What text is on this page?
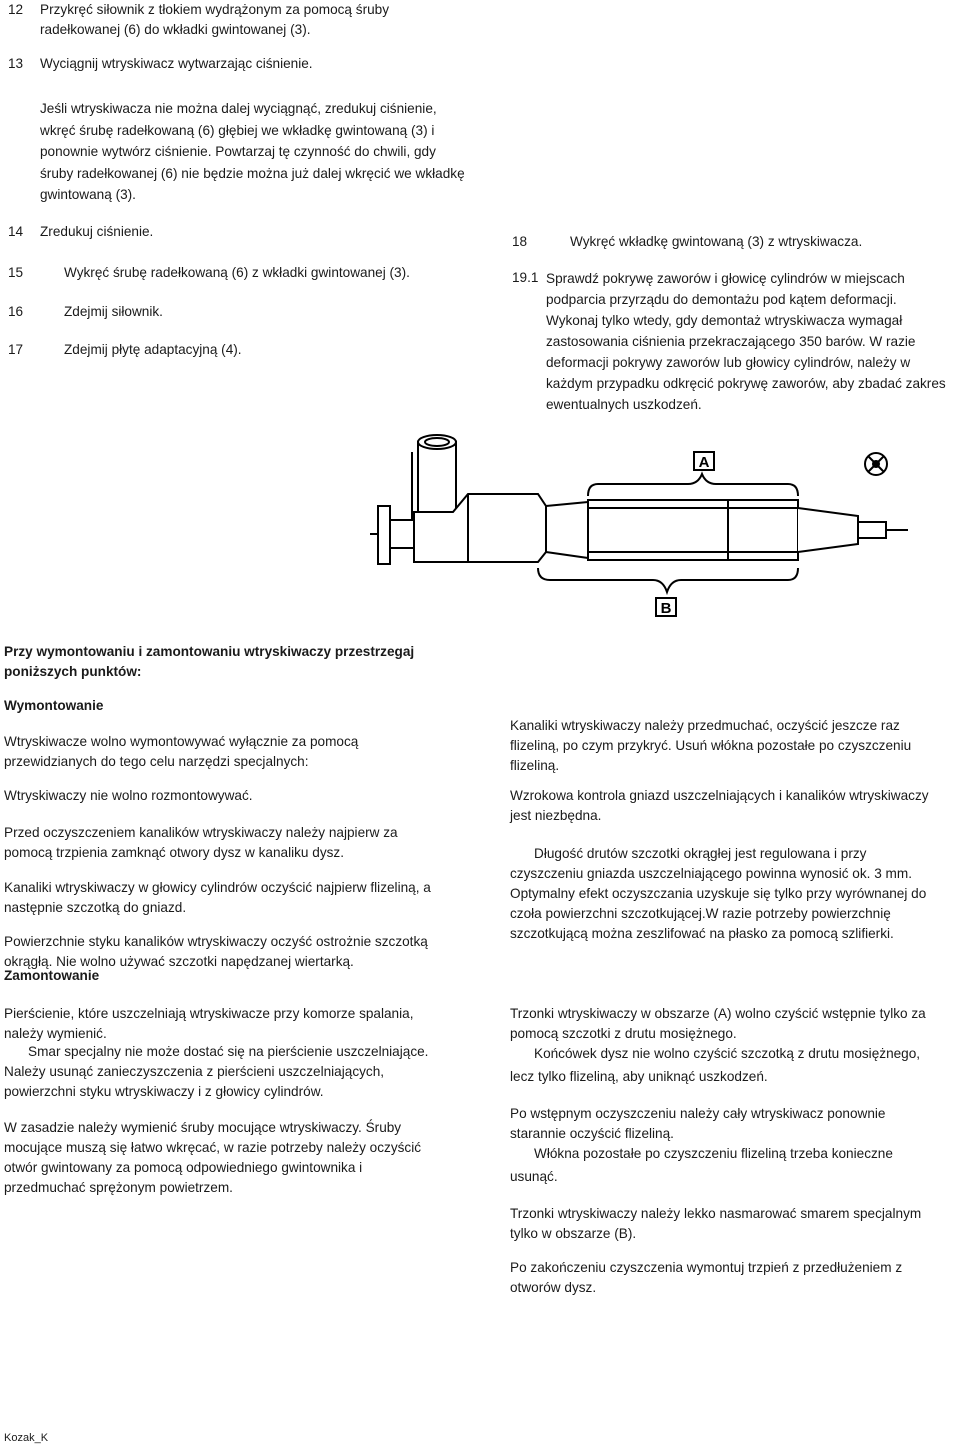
12 Przykręć siłownik z tłokiem wydrążonym za pomocą śruby radełkowanej (6) do wkładki gwintowanej (3).
13 Wyciągnij wtryskiwacz wytwarzając ciśnienie.
Jeśli wtryskiwacza nie można dalej wyciągnąć, zredukuj ciśnienie, wkręć śrubę radełkowaną (6) głębiej we wkładkę gwintowaną (3) i ponownie wytwórz ciśnienie. Powtarzaj tę czynność do chwili, gdy śruby radełkowanej (6) nie będzie można już dalej wkręcić we wkładkę gwintowaną (3).
14 Zredukuj ciśnienie.
15	Wykręć śrubę radełkowaną (6) z wkładki gwintowanej (3).
16	Zdejmij siłownik.
17	Zdejmij płytę adaptacyjną (4).
18	Wykręć wkładkę gwintowaną (3) z wtryskiwacza.
19.1 Sprawdź pokrywę zaworów i głowicę cylindrów w miejscach podparcia przyrządu do demontażu pod kątem deformacji. Wykonaj tylko wtedy, gdy demontaż wtryskiwacza wymagał zastosowania ciśnienia przekraczającego 350 barów. W razie deformacji pokrywy zaworów lub głowicy cylindrów, należy w każdym przypadku odkręcić pokrywę zaworów, aby zbadać zakres ewentualnych uszkodzeń.
A
B
Przy wymontowaniu i zamontowaniu wtryskiwaczy przestrzegaj poniższych punktów:
Wymontowanie
Wtryskiwacze wolno wymontowywać wyłącznie za pomocą przewidzianych do tego celu narzędzi specjalnych:
Wtryskiwaczy nie wolno rozmontowywać.
Przed oczyszczeniem kanalików wtryskiwaczy należy najpierw za pomocą trzpienia zamknąć otwory dysz w kanaliku dysz.
Kanaliki wtryskiwaczy w głowicy cylindrów oczyścić najpierw flizeliną, a następnie szczotką do gniazd.
Powierzchnie styku kanalików wtryskiwaczy oczyść ostrożnie szczotką okrągłą. Nie wolno używać szczotki napędzanej wiertarką.
Zamontowanie
Pierścienie, które uszczelniają wtryskiwacze przy komorze spalania, należy wymienić.
Smar specjalny nie może dostać się na pierścienie uszczelniające. Należy usunąć zanieczyszczenia z pierścieni uszczelniających, powierzchni styku wtryskiwaczy i z głowicy cylindrów.
W zasadzie należy wymienić śruby mocujące wtryskiwaczy. Śruby mocujące muszą się łatwo wkręcać, w razie potrzeby należy oczyścić otwór gwintowany za pomocą odpowiedniego gwintownika i przedmuchać sprężonym powietrzem.
Kanaliki wtryskiwaczy należy przedmuchać, oczyścić jeszcze raz flizeliną, po czym przykryć. Usuń włókna pozostałe po czyszczeniu flizeliną.
Wzrokowa kontrola gniazd uszczelniających i kanalików wtryskiwaczy jest niezbędna.
Długość drutów szczotki okrągłej jest regulowana i przy czyszczeniu gniazda uszczelniającego powinna wynosić ok. 3 mm. Optymalny efekt oczyszczania uzyskuje się tylko przy wyrównanej do czoła powierzchni szczotkującej.W razie potrzeby powierzchnię szczotkującą można zeszlifować na płasko za pomocą szlifierki.
Trzonki wtryskiwaczy w obszarze (A) wolno czyścić wstępnie tylko za pomocą szczotki z drutu mosiężnego.
Końcówek dysz nie wolno czyścić szczotką z drutu mosiężnego, lecz tylko flizeliną, aby uniknąć uszkodzeń.
Po wstępnym oczyszczeniu należy cały wtryskiwacz ponownie starannie oczyścić flizeliną.
Włókna pozostałe po czyszczeniu flizeliną trzeba konieczne usunąć.
Trzonki wtryskiwaczy należy lekko nasmarować smarem specjalnym tylko w obszarze (B).
Po zakończeniu czyszczenia wymontuj trzpień z przedłużeniem z otworów dysz.
Kozak_K
